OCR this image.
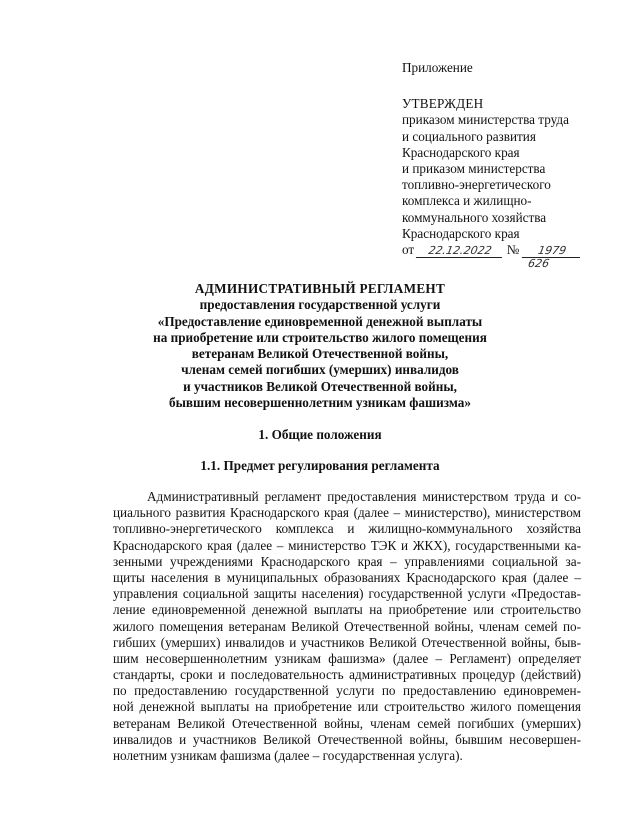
Приложение
УТВЕРЖДЕН
приказом министерства труда
и социального развития
Краснодарского края
и приказом министерства
топливно-энергетического
комплекса и жилищно-
коммунального хозяйства
Краснодарского края
от 22.12.2022 № 1979
626
АДМИНИСТРАТИВНЫЙ РЕГЛАМЕНТ
предоставления государственной услуги
«Предоставление единовременной денежной выплаты
на приобретение или строительство жилого помещения
ветеранам Великой Отечественной войны,
членам семей погибших (умерших) инвалидов
и участников Великой Отечественной войны,
бывшим несовершеннолетним узникам фашизма»
1. Общие положения
1.1. Предмет регулирования регламента
Административный регламент предоставления министерством труда и со-
циального развития Краснодарского края (далее – министерство), министерством
топливно-энергетического комплекса и жилищно-коммунального хозяйства
Краснодарского края (далее – министерство ТЭК и ЖКХ), государственными ка-
зенными учреждениями Краснодарского края – управлениями социальной за-
щиты населения в муниципальных образованиях Краснодарского края (далее –
управления социальной защиты населения) государственной услуги «Предостав-
ление единовременной денежной выплаты на приобретение или строительство
жилого помещения ветеранам Великой Отечественной войны, членам семей по-
гибших (умерших) инвалидов и участников Великой Отечественной войны, быв-
шим несовершеннолетним узникам фашизма» (далее – Регламент) определяет
стандарты, сроки и последовательность административных процедур (действий)
по предоставлению государственной услуги по предоставлению единовремен-
ной денежной выплаты на приобретение или строительство жилого помещения
ветеранам Великой Отечественной войны, членам семей погибших (умерших)
инвалидов и участников Великой Отечественной войны, бывшим несовершен-
нолетним узникам фашизма (далее – государственная услуга).
